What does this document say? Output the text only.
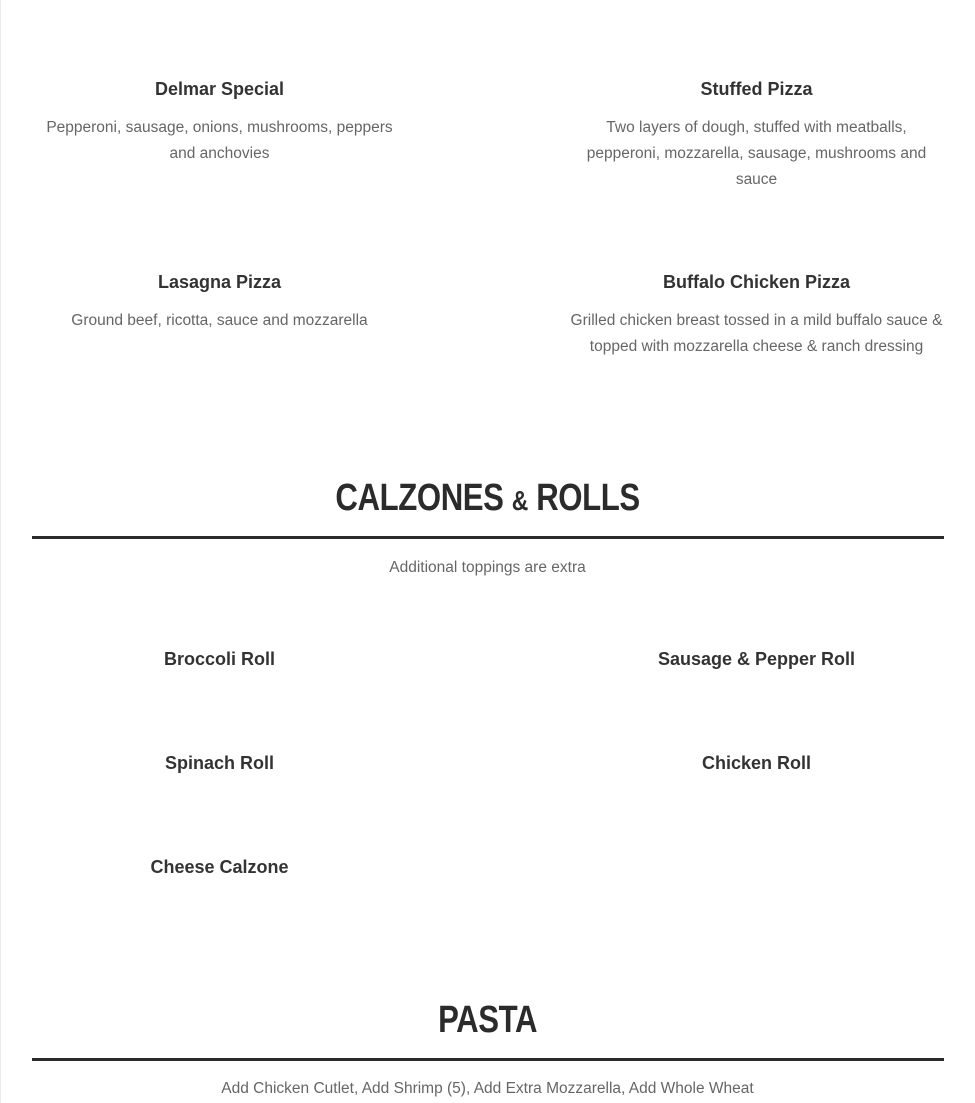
Delmar Special

Pepperoni, sausage, onions, mushrooms, peppers and anchovies

Stuffed Pizza

Two layers of dough, stuffed with meatballs, pepperoni, mozzarella, sausage, mushrooms and sauce

Lasagna Pizza

Ground beef, ricotta, sauce and mozzarella

Buffalo Chicken Pizza

Grilled chicken breast tossed in a mild buffalo sauce & topped with mozzarella cheese & ranch dressing

CALZONES & ROLLS

Additional toppings are extra

Broccoli Roll	Sausage & Pepper Roll

Spinach Roll	Chicken Roll

Cheese Calzone

PASTA

Add Chicken Cutlet, Add Shrimp (5), Add Extra Mozzarella, Add Whole Wheat
